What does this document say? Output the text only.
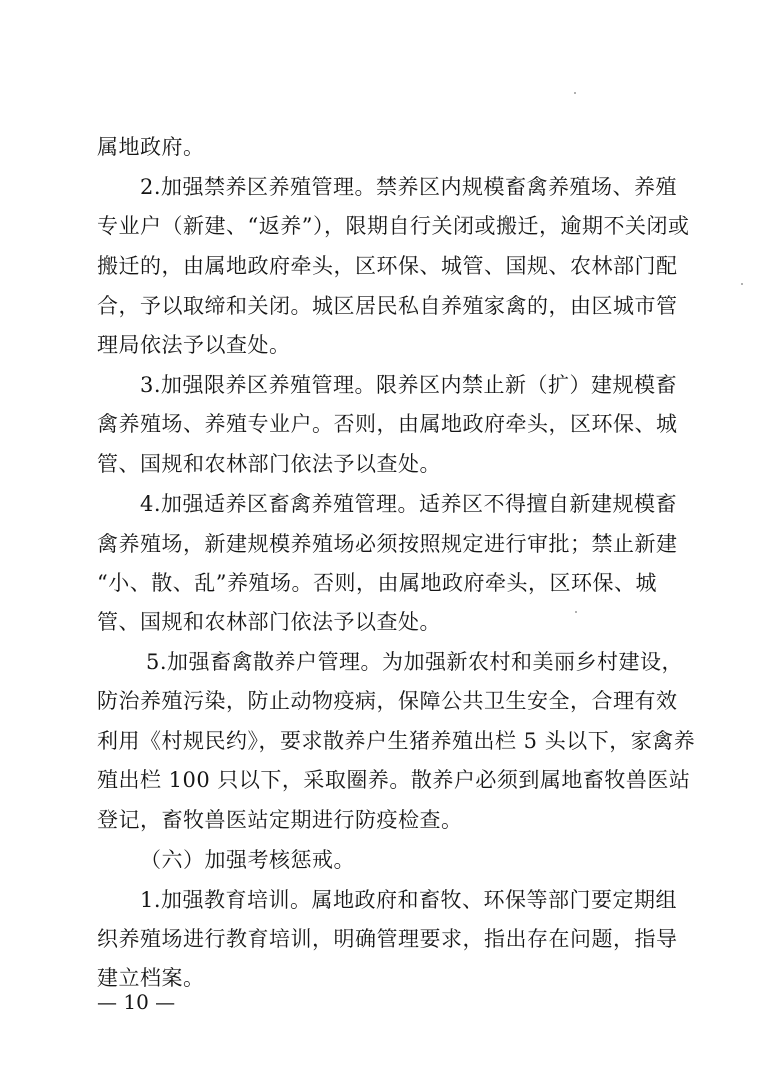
属地政府。
2.加强禁养区养殖管理。禁养区内规模畜禽养殖场、养殖
专业户（新建、“返养”），限期自行关闭或搬迁，逾期不关闭或
搬迁的，由属地政府牵头，区环保、城管、国规、农林部门配
合，予以取缔和关闭。城区居民私自养殖家禽的，由区城市管
理局依法予以查处。
3.加强限养区养殖管理。限养区内禁止新（扩）建规模畜
禽养殖场、养殖专业户。否则，由属地政府牵头，区环保、城
管、国规和农林部门依法予以查处。
4.加强适养区畜禽养殖管理。适养区不得擅自新建规模畜
禽养殖场，新建规模养殖场必须按照规定进行审批；禁止新建
“小、散、乱”养殖场。否则，由属地政府牵头，区环保、城
管、国规和农林部门依法予以查处。
5.加强畜禽散养户管理。为加强新农村和美丽乡村建设，
防治养殖污染，防止动物疫病，保障公共卫生安全，合理有效
利用《村规民约》，要求散养户生猪养殖出栏 5 头以下，家禽养
殖出栏 100 只以下，采取圈养。散养户必须到属地畜牧兽医站
登记，畜牧兽医站定期进行防疫检查。
（六）加强考核惩戒。
1.加强教育培训。属地政府和畜牧、环保等部门要定期组
织养殖场进行教育培训，明确管理要求，指出存在问题，指导
建立档案。
— 10 —
